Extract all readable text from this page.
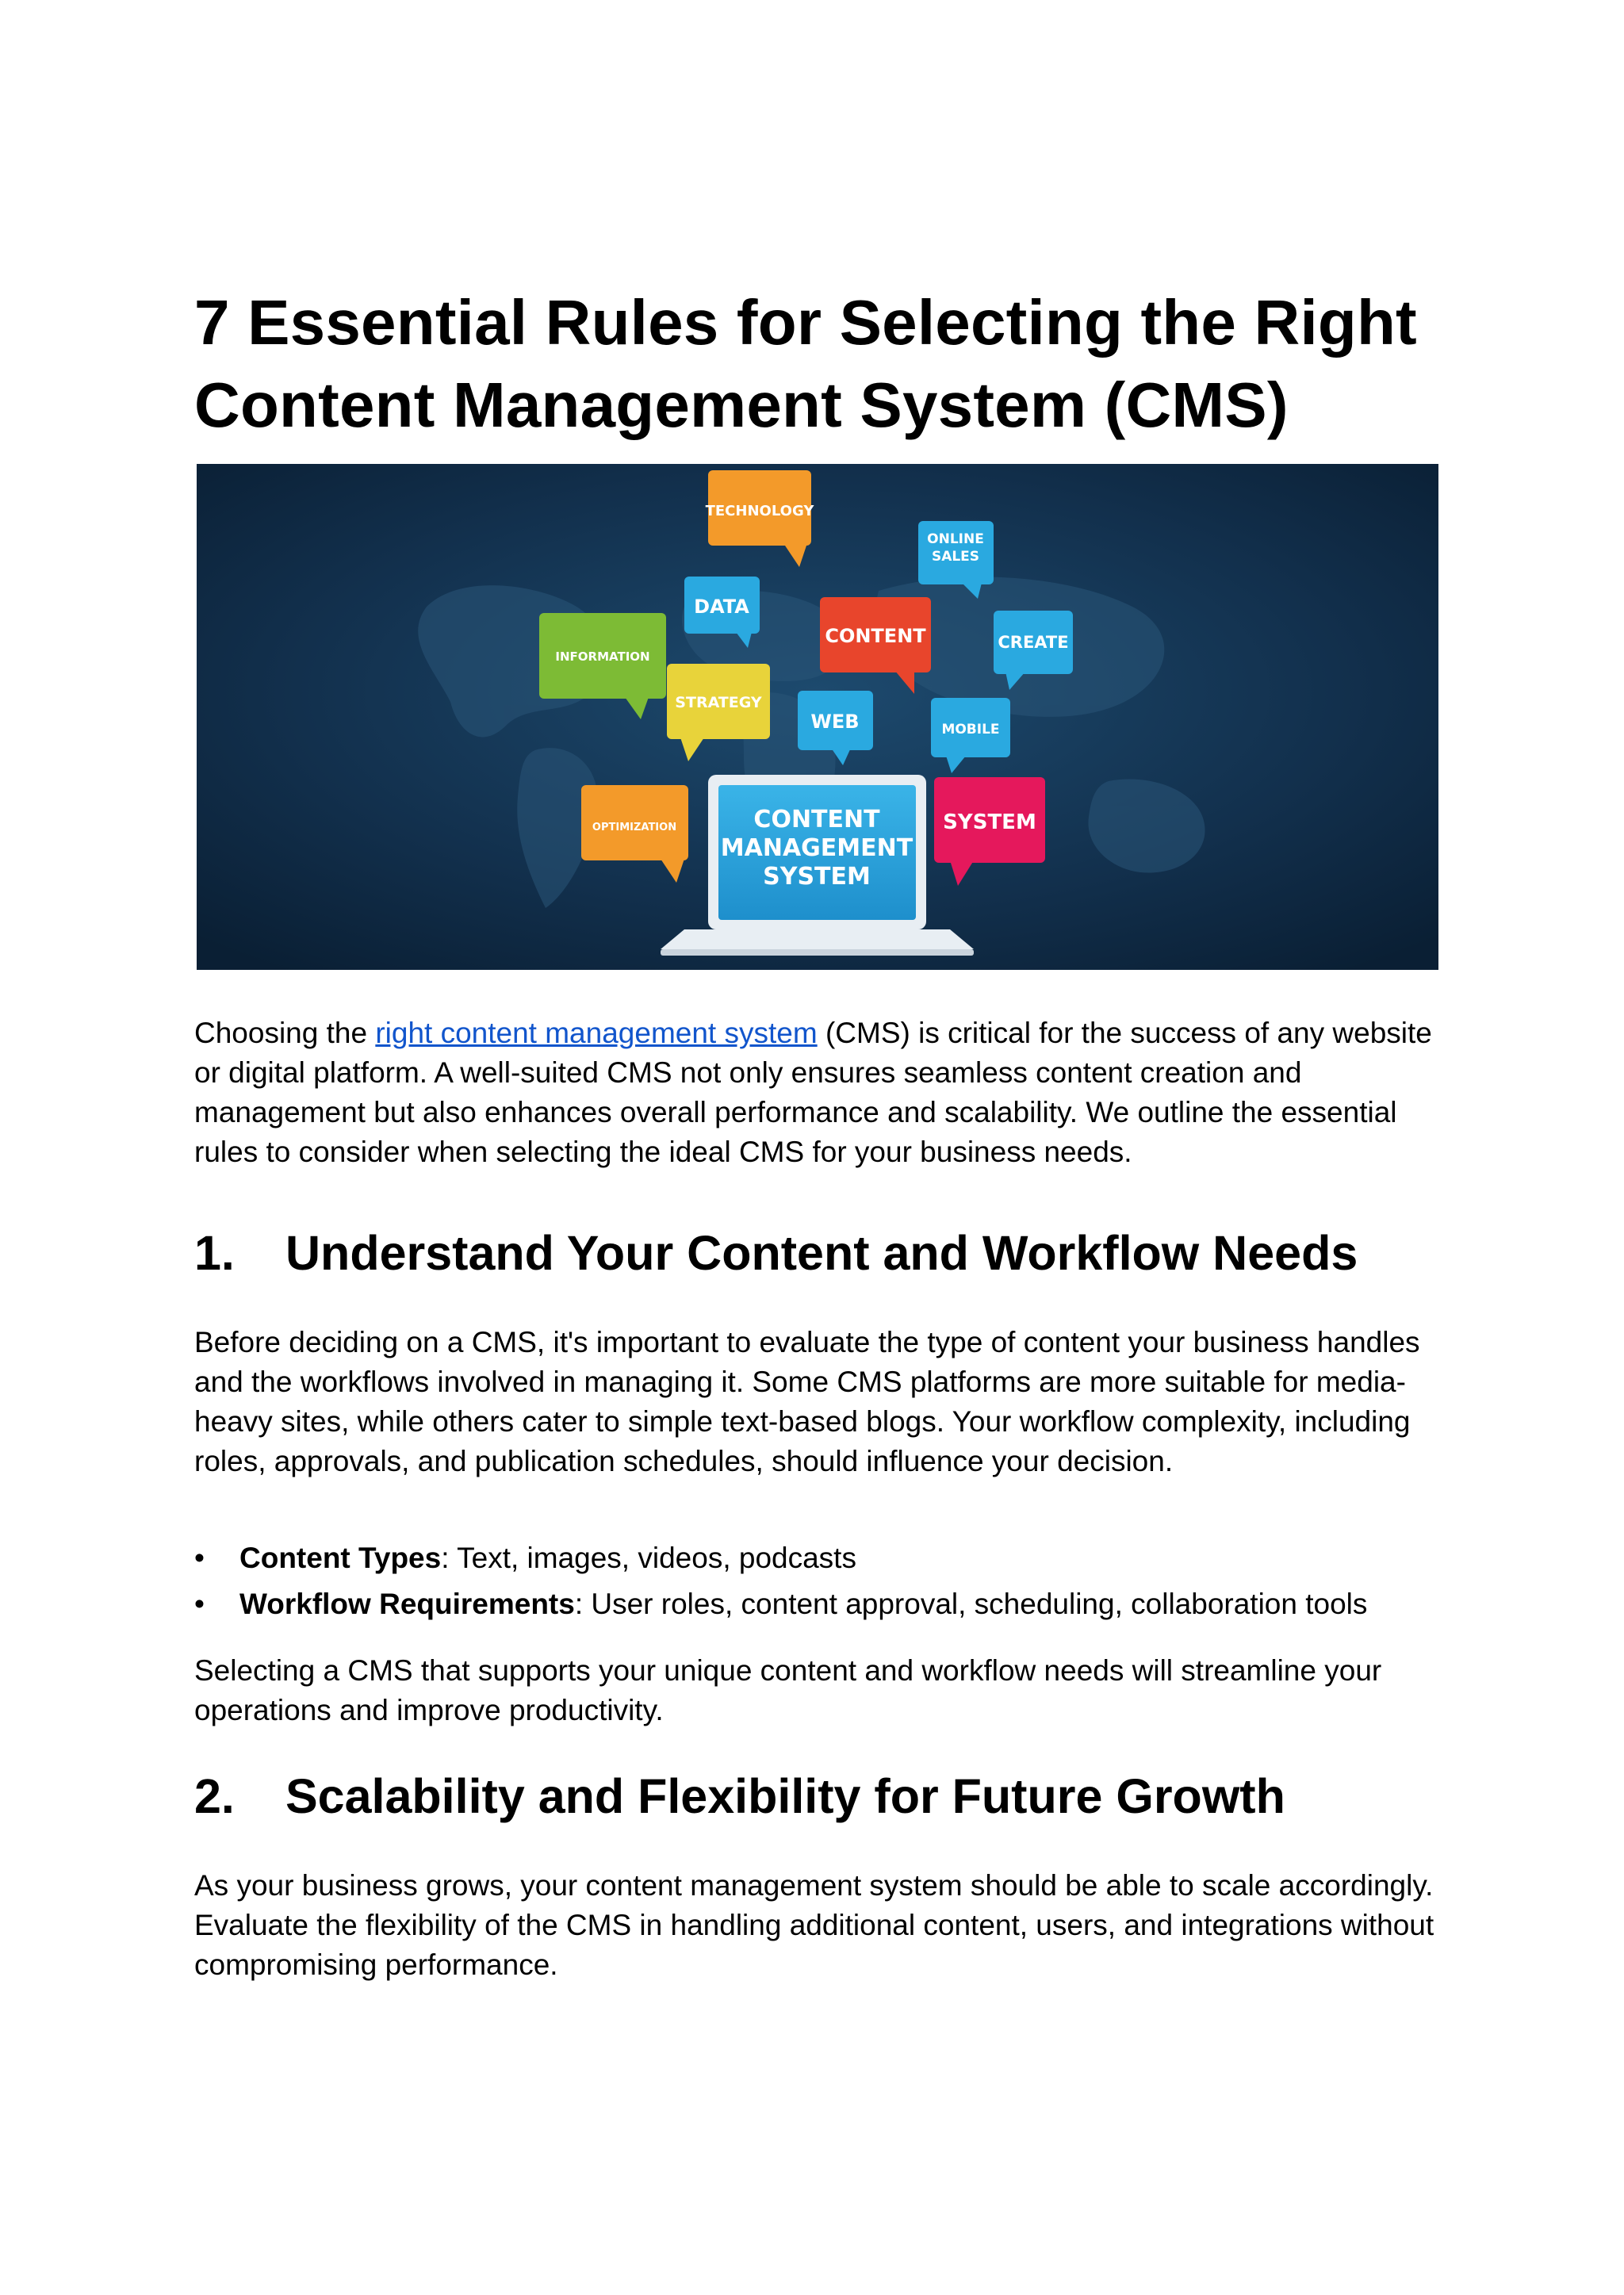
7 Essential Rules for Selecting the Right Content Management System (CMS)
TECHNOLOGY
ONLINE
SALES
DATA
CONTENT	CREATE
INFORMATION
STRATEGY
WEB	MOBILE
OPTIMIZATION	SYSTEM
CONTENT
MANAGEMENT
SYSTEM

Choosing the right content management system (CMS) is critical for the success of any website or digital platform. A well-suited CMS not only ensures seamless content creation and management but also enhances overall performance and scalability. We outline the essential rules to consider when selecting the ideal CMS for your business needs.

1. Understand Your Content and Workflow Needs

Before deciding on a CMS, it's important to evaluate the type of content your business handles and the workflows involved in managing it. Some CMS platforms are more suitable for media-heavy sites, while others cater to simple text-based blogs. Your workflow complexity, including roles, approvals, and publication schedules, should influence your decision.

•	Content Types: Text, images, videos, podcasts
•	Workflow Requirements: User roles, content approval, scheduling, collaboration tools

Selecting a CMS that supports your unique content and workflow needs will streamline your operations and improve productivity.

2. Scalability and Flexibility for Future Growth

As your business grows, your content management system should be able to scale accordingly. Evaluate the flexibility of the CMS in handling additional content, users, and integrations without compromising performance.
